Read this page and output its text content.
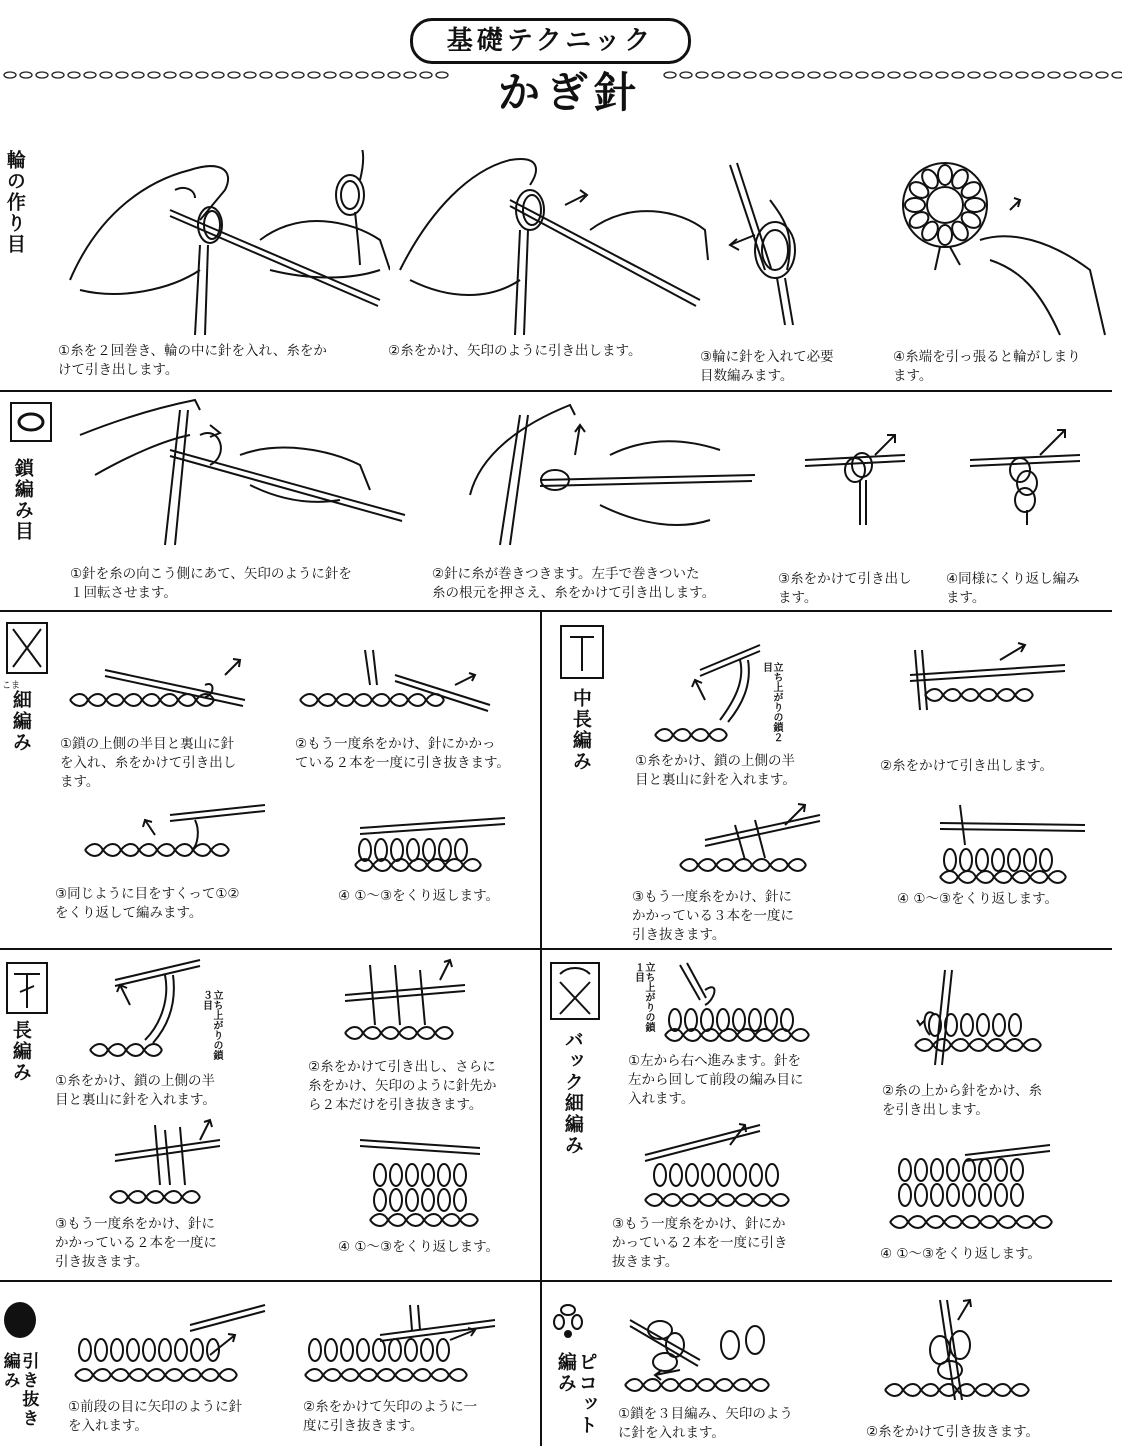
基礎テクニック
かぎ針
輪の作り目
①糸を２回巻き、輪の中に針を入れ、糸をか
けて引き出します。
②糸をかけ、矢印のように引き出します。	③輪に針を入れて必要
目数編みます。
④糸端を引っ張ると輪がしまり
ます。
鎖編み目
①針を糸の向こう側にあて、矢印のように針を
１回転させます。
②針に糸が巻きつきます。左手で巻きついた
糸の根元を押さえ、糸をかけて引き出します。
③糸をかけて引き出し
ます。
④同様にくり返し編み
ます。
こま
細編み ①鎖の上側の半目と裏山に針
を入れ、糸をかけて引き出し
ます。
②もう一度糸をかけ、針にかかっ
ている２本を一度に引き抜きます。
③同じように目をすくって①②
をくり返して編みます。
④ ①～③をくり返します。
中長編み	立ち上がりの鎖２目
①糸をかけ、鎖の上側の半
目と裏山に針を入れます。
②糸をかけて引き出します。
③もう一度糸をかけ、針に
かかっている３本を一度に
引き抜きます。
④ ①～③をくり返します。
長編み	立ち上がりの鎖３目
①糸をかけ、鎖の上側の半
目と裏山に針を入れます。
②糸をかけて引き出し、さらに
糸をかけ、矢印のように針先か
ら２本だけを引き抜きます。
③もう一度糸をかけ、針に
かかっている２本を一度に
引き抜きます。
④ ①～③をくり返します。
バック細編み
立ち上がりの鎖１目
①左から右へ進みます。針を
左から回して前段の編み目に
入れます。	②糸の上から針をかけ、糸
を引き出します。
③もう一度糸をかけ、針にか
かっている２本を一度に引き
抜きます。	④ ①～③をくり返します。
引き抜き編み
①前段の目に矢印のように針
を入れます。
②糸をかけて矢印のように一
度に引き抜きます。	ピコット編み
①鎖を３目編み、矢印のよう
に針を入れます。	②糸をかけて引き抜きます。
